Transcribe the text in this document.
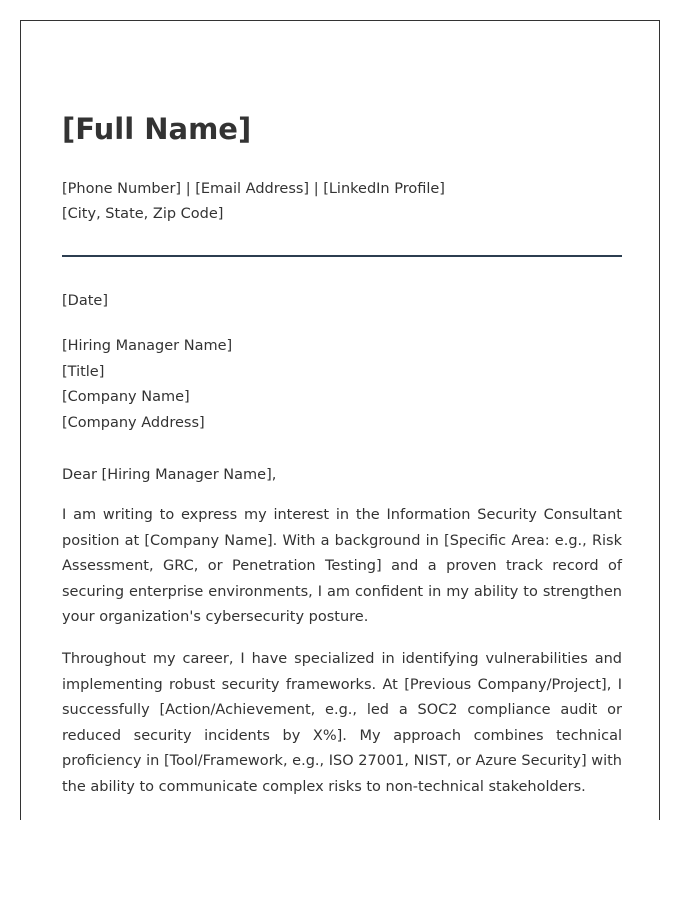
[Full Name]
[Phone Number] | [Email Address] | [LinkedIn Profile]
[City, State, Zip Code]
[Date]
[Hiring Manager Name]
[Title]
[Company Name]
[Company Address]
Dear [Hiring Manager Name],

I am writing to express my interest in the Information Security Consultant position at [Company Name]. With a background in [Specific Area: e.g., Risk Assessment, GRC, or Penetration Testing] and a proven track record of securing enterprise environments, I am confident in my ability to strengthen your organization's cybersecurity posture.

Throughout my career, I have specialized in identifying vulnerabilities and implementing robust security frameworks. At [Previous Company/Project], I successfully [Action/Achievement, e.g., led a SOC2 compliance audit or reduced security incidents by X%]. My approach combines technical proficiency in [Tool/Framework, e.g., ISO 27001, NIST, or Azure Security] with the ability to communicate complex risks to non-technical stakeholders.
